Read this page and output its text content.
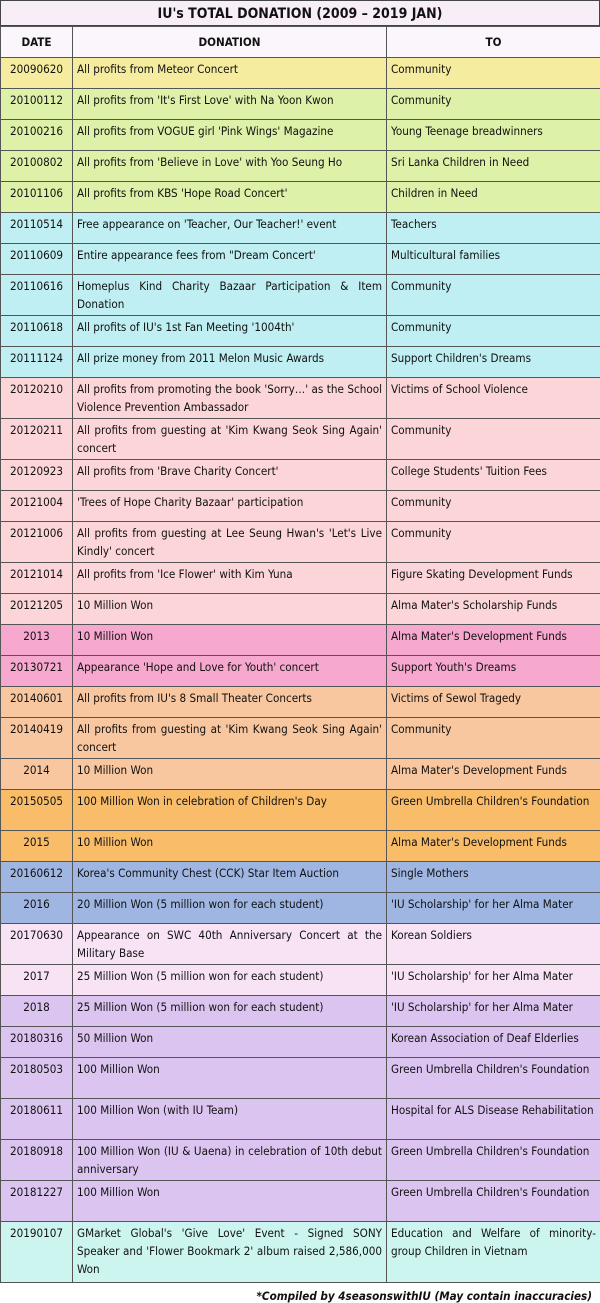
IU's TOTAL DONATION (2009 – 2019 JAN)
DATE	DONATION	TO
20090620	All profits from Meteor Concert	Community
20100112	All profits from 'It's First Love' with Na Yoon Kwon	Community
20100216	All profits from VOGUE girl 'Pink Wings' Magazine	Young Teenage breadwinners
20100802	All profits from 'Believe in Love' with Yoo Seung Ho	Sri Lanka Children in Need
20101106	All profits from KBS 'Hope Road Concert'	Children in Need
20110514	Free appearance on 'Teacher, Our Teacher!' event	Teachers
20110609	Entire appearance fees from "Dream Concert'	Multicultural families
20110616	Homeplus Kind Charity Bazaar Participation & Item Donation	Community
20110618	All profits of IU's 1st Fan Meeting '1004th'	Community
20111124	All prize money from 2011 Melon Music Awards	Support Children's Dreams
20120210	All profits from promoting the book 'Sorry…' as the School Violence Prevention Ambassador	Victims of School Violence
20120211	All profits from guesting at 'Kim Kwang Seok Sing Again' concert	Community
20120923	All profits from 'Brave Charity Concert'	College Students' Tuition Fees
20121004	'Trees of Hope Charity Bazaar' participation	Community
20121006	All profits from guesting at Lee Seung Hwan's 'Let's Live Kindly' concert	Community
20121014	All profits from 'Ice Flower' with Kim Yuna	Figure Skating Development Funds
20121205	10 Million Won	Alma Mater's Scholarship Funds
2013	10 Million Won	Alma Mater's Development Funds
20130721	Appearance 'Hope and Love for Youth' concert	Support Youth's Dreams
20140601	All profits from IU's 8 Small Theater Concerts	Victims of Sewol Tragedy
20140419	All profits from guesting at 'Kim Kwang Seok Sing Again' concert	Community
2014	10 Million Won	Alma Mater's Development Funds
20150505	100 Million Won in celebration of Children's Day	Green Umbrella Children's Foundation
2015	10 Million Won	Alma Mater's Development Funds
20160612	Korea's Community Chest (CCK) Star Item Auction	Single Mothers
2016	20 Million Won (5 million won for each student)	'IU Scholarship' for her Alma Mater
20170630	Appearance on SWC 40th Anniversary Concert at the Military Base	Korean Soldiers
2017	25 Million Won (5 million won for each student)	'IU Scholarship' for her Alma Mater
2018	25 Million Won (5 million won for each student)	'IU Scholarship' for her Alma Mater
20180316	50 Million Won	Korean Association of Deaf Elderlies
20180503	100 Million Won	Green Umbrella Children's Foundation
20180611	100 Million Won (with IU Team)	Hospital for ALS Disease Rehabilitation
20180918	100 Million Won (IU & Uaena) in celebration of 10th debut anniversary	Green Umbrella Children's Foundation
20181227	100 Million Won	Green Umbrella Children's Foundation
20190107	GMarket Global's 'Give Love' Event - Signed SONY Speaker and 'Flower Bookmark 2' album raised 2,586,000 Won	Education and Welfare of minority-group Children in Vietnam
*Compiled by 4seasonswithIU (May contain inaccuracies)
